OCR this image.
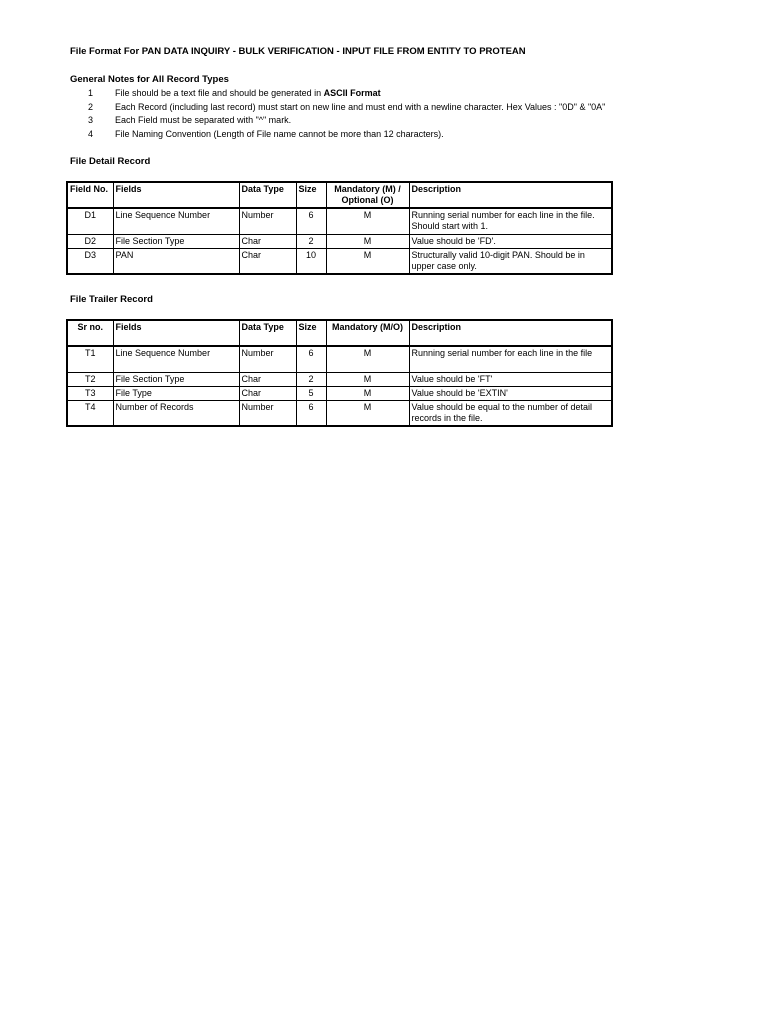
File Format For PAN DATA INQUIRY - BULK VERIFICATION - INPUT FILE FROM ENTITY TO PROTEAN
General Notes for All Record Types
1 File should be a text file and should be generated in ASCII Format
2 Each Record (including last record) must start on new line and must end with a newline character. Hex Values : "0D" & "0A"
3 Each Field must be separated with "^" mark.
4 File Naming Convention (Length of File name cannot be more than 12 characters).
File Detail Record
Field No.	Fields	Data Type	Size	Mandatory (M) / Optional (O)	Description
D1	Line Sequence Number	Number	6	M	Running serial number for each line in the file. Should start with 1.
D2	File Section Type	Char	2	M	Value should be 'FD'.
D3	PAN	Char	10	M	Structurally valid 10-digit PAN. Should be in upper case only.
File Trailer Record
Sr no.	Fields	Data Type	Size	Mandatory (M/O)	Description
T1	Line Sequence Number	Number	6	M	Running serial number for each line in the file
T2	File Section Type	Char	2	M	Value should be 'FT'
T3	File Type	Char	5	M	Value should be 'EXTIN'
T4	Number of Records	Number	6	M	Value should be equal to the number of detail records in the file.
